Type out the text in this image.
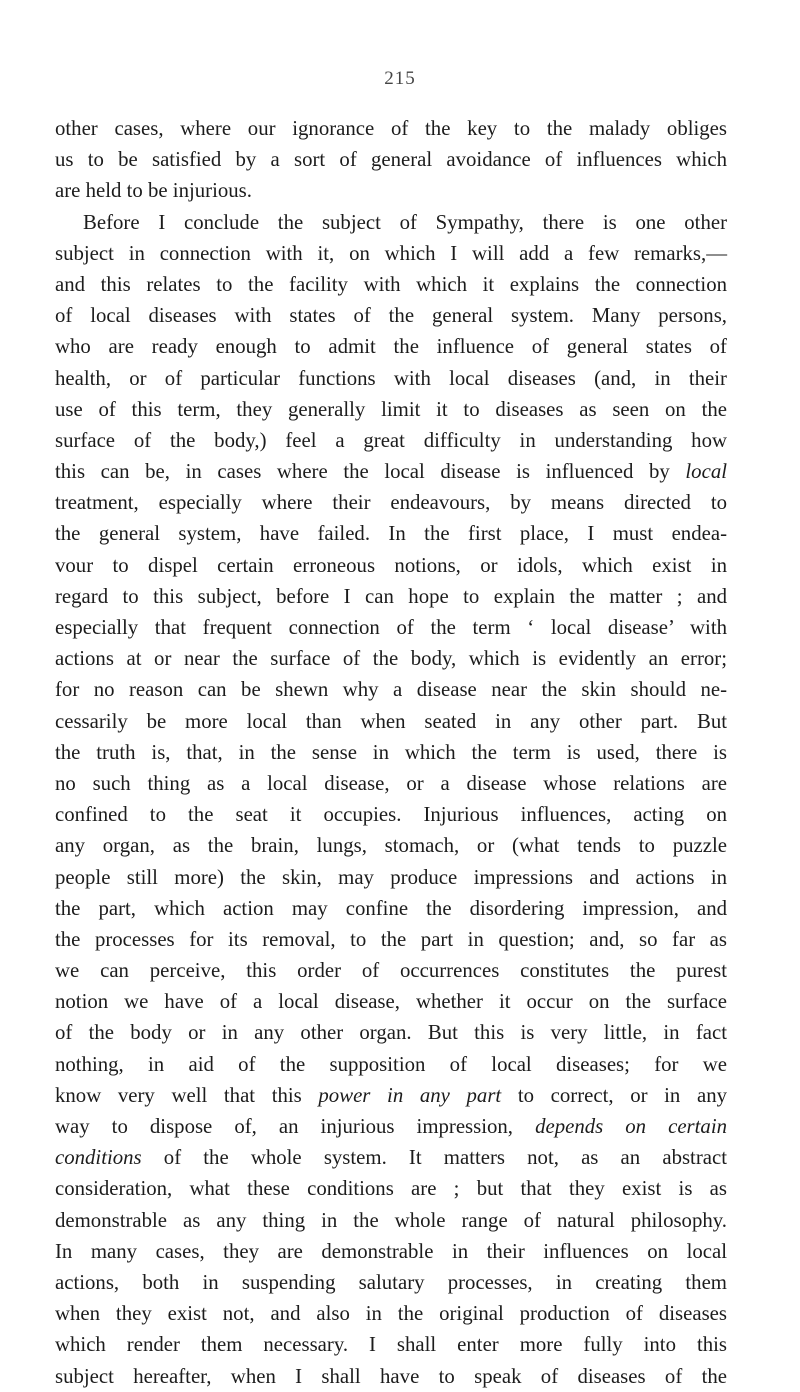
215
other cases, where our ignorance of the key to the malady obliges
us to be satisfied by a sort of general avoidance of influences which
are held to be injurious.
Before I conclude the subject of Sympathy, there is one other
subject in connection with it, on which I will add a few remarks,—
and this relates to the facility with which it explains the connection
of local diseases with states of the general system. Many persons,
who are ready enough to admit the influence of general states of
health, or of particular functions with local diseases (and, in their
use of this term, they generally limit it to diseases as seen on the
surface of the body,) feel a great difficulty in understanding how
this can be, in cases where the local disease is influenced by local
treatment, especially where their endeavours, by means directed to
the general system, have failed. In the first place, I must endea-
vour to dispel certain erroneous notions, or idols, which exist in
regard to this subject, before I can hope to explain the matter ; and
especially that frequent connection of the term ‘ local disease’ with
actions at or near the surface of the body, which is evidently an error;
for no reason can be shewn why a disease near the skin should ne-
cessarily be more local than when seated in any other part. But
the truth is, that, in the sense in which the term is used, there is
no such thing as a local disease, or a disease whose relations are
confined to the seat it occupies. Injurious influences, acting on
any organ, as the brain, lungs, stomach, or (what tends to puzzle
people still more) the skin, may produce impressions and actions in
the part, which action may confine the disordering impression, and
the processes for its removal, to the part in question; and, so far as
we can perceive, this order of occurrences constitutes the purest
notion we have of a local disease, whether it occur on the surface
of the body or in any other organ. But this is very little, in fact
nothing, in aid of the supposition of local diseases; for we
know very well that this power in any part to correct, or in any
way to dispose of, an injurious impression, depends on certain
conditions of the whole system. It matters not, as an abstract
consideration, what these conditions are ; but that they exist is as
demonstrable as any thing in the whole range of natural philosophy.
In many cases, they are demonstrable in their influences on local
actions, both in suspending salutary processes, in creating them
when they exist not, and also in the original production of diseases
which render them necessary. I shall enter more fully into this
subject hereafter, when I shall have to speak of diseases of the
